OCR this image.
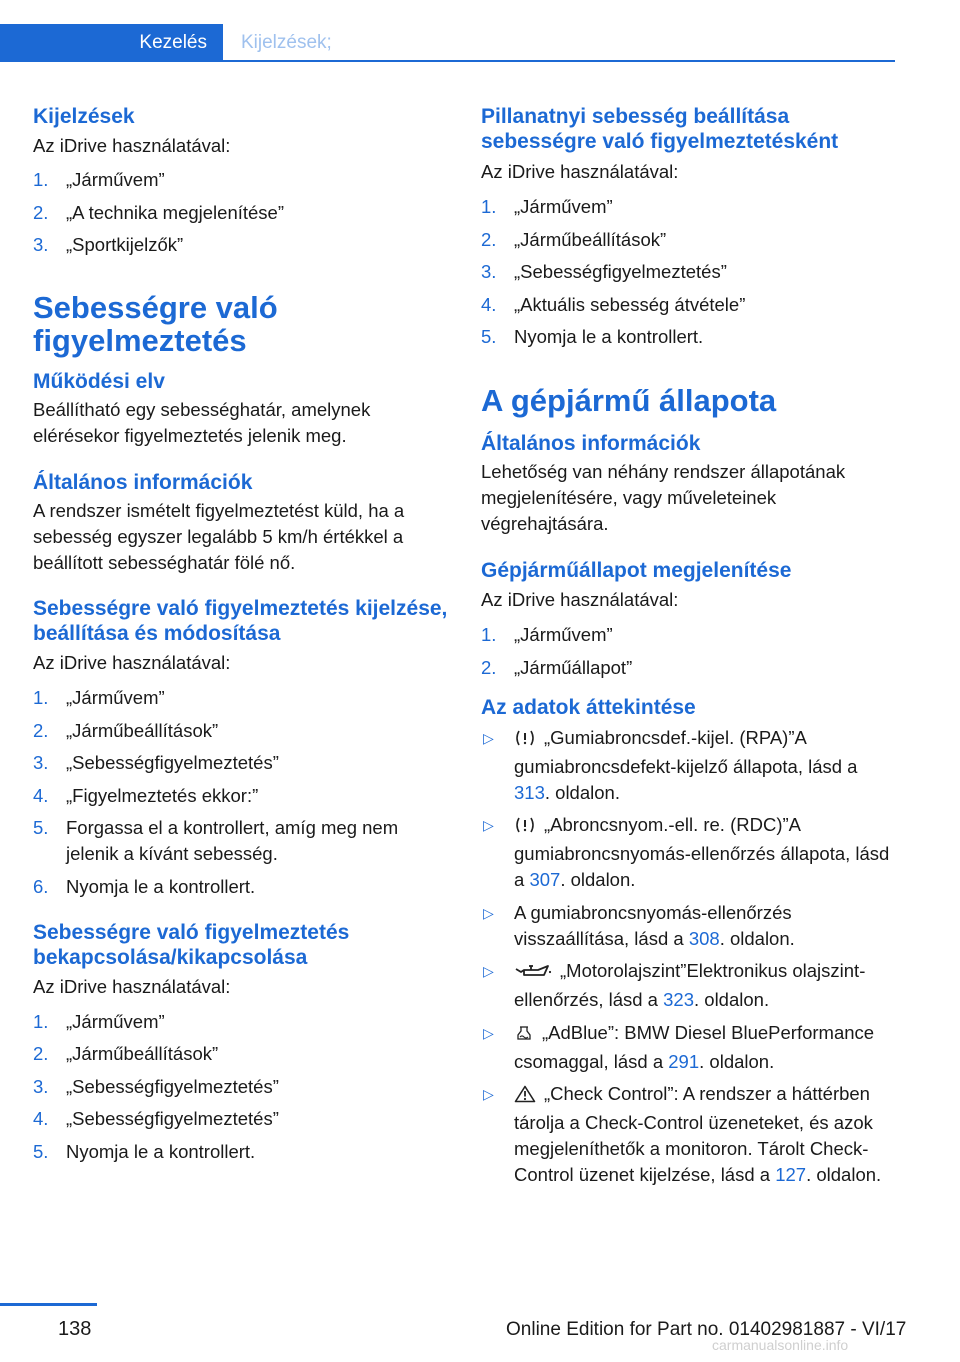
Kezelés	Kijelzések;
Kijelzések

Az iDrive használatával:

1. „Járművem”
2. „A technika megjelenítése”
3. „Sportkijelzők”
Sebességre való figyelmeztetés
Működési elv

Beállítható egy sebességhatár, amelynek elérésekor figyelmeztetés jelenik meg.

Általános információk

A rendszer ismételt figyelmeztetést küld, ha a sebesség egyszer legalább 5 km/h értékkel a beállított sebességhatár fölé nő.

Sebességre való figyelmeztetés kijelzése, beállítása és módosítása

Az iDrive használatával:

1. „Járművem”
2. „Járműbeállítások”
3. „Sebességfigyelmeztetés”
4. „Figyelmeztetés ekkor:”
5. Forgassa el a kontrollert, amíg meg nem jelenik a kívánt sebesség.
6. Nyomja le a kontrollert.
Sebességre való figyelmeztetés bekapcsolása/kikapcsolása

Az iDrive használatával:

1. „Járművem”
2. „Járműbeállítások”
3. „Sebességfigyelmeztetés”
4. „Sebességfigyelmeztetés”
5. Nyomja le a kontrollert.
Pillanatnyi sebesség beállítása sebességre való figyelmeztetésként

Az iDrive használatával:

1. „Járművem”
2. „Járműbeállítások”
3. „Sebességfigyelmeztetés”
4. „Aktuális sebesség átvétele”
5. Nyomja le a kontrollert.
A gépjármű állapota
Általános információk

Lehetőség van néhány rendszer állapotának megjelenítésére, vagy műveleteinek végrehajtására.

Gépjárműállapot megjelenítése

Az iDrive használatával:

1. „Járművem”
2. „Járműállapot”
Az adatok áttekintése
▷	„Gumiabroncsdef.-kijel. (RPA)”A gumiabroncsdefekt-kijelző állapota, lásd a 313. oldalon.
▷	„Abroncsnyom.-ell. re. (RDC)”A gumiabroncsnyomás-ellenőrzés állapota, lásd a 307. oldalon.
▷ A gumiabroncsnyomás-ellenőrzés visszaállítása, lásd a 308. oldalon.
▷	„Motorolajszint”Elektronikus olajszint-ellenőrzés, lásd a 323. oldalon.
▷	„AdBlue”: BMW Diesel BluePerformance csomaggal, lásd a 291. oldalon.
▷	„Check Control”: A rendszer a háttérben tárolja a Check-Control üzeneteket, és azok megjeleníthetők a monitoron. Tárolt Check-Control üzenet kijelzése, lásd a 127. oldalon.
138	Online Edition for Part no. 01402981887 - VI/17
carmanualsonline.info
